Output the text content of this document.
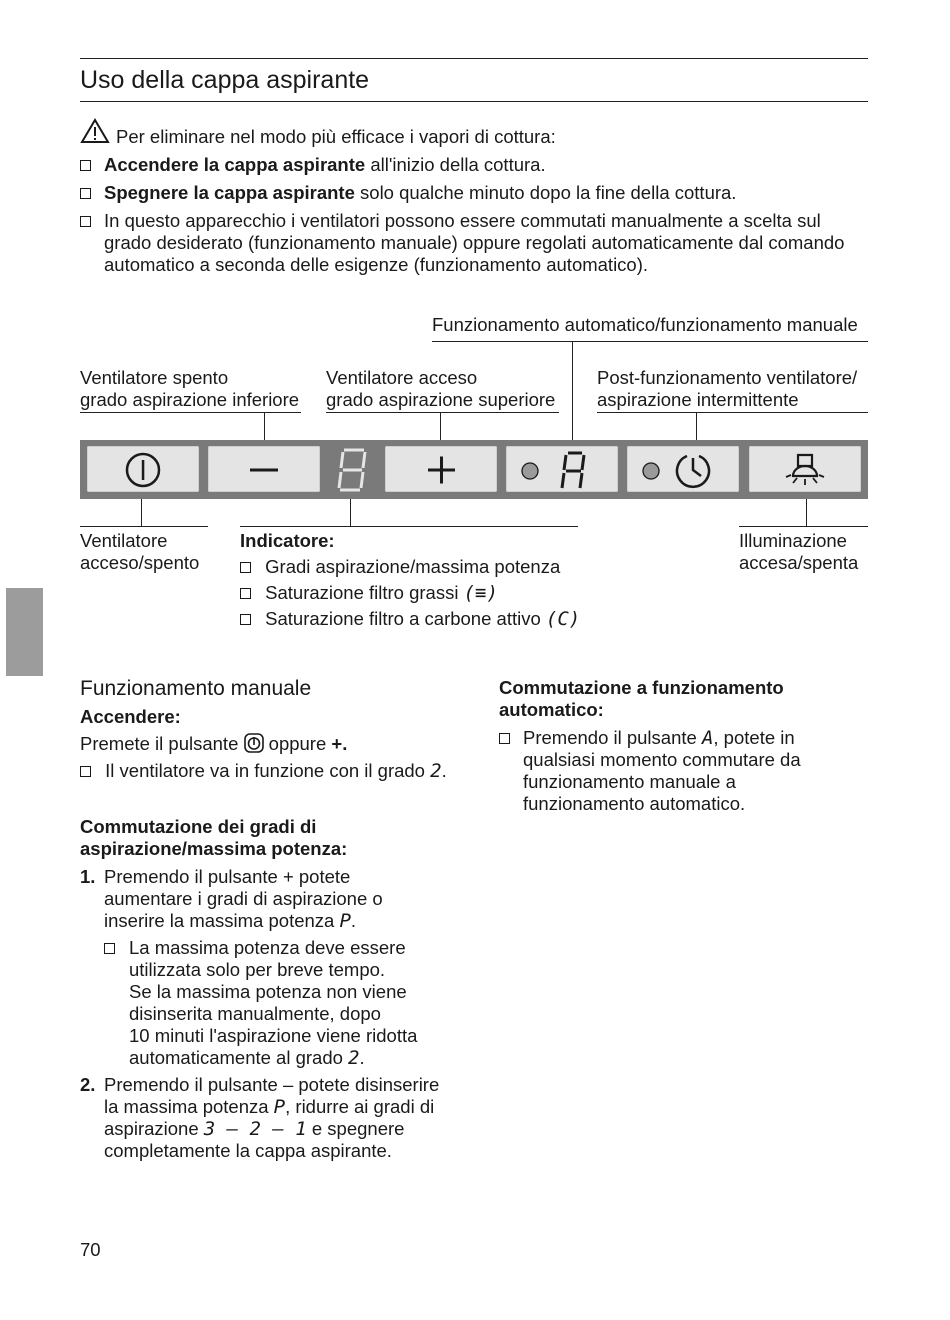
Uso della cappa aspirante
Per eliminare nel modo più efficace i vapori di cottura:
Accendere la cappa aspirante all'inizio della cottura.
Spegnere la cappa aspirante solo qualche minuto dopo la fine della cottura.
In questo apparecchio i ventilatori possono essere commutati manualmente a scelta sul
grado desiderato (funzionamento manuale) oppure regolati automaticamente dal comando
automatico a seconda delle esigenze (funzionamento automatico).
Funzionamento automatico/funzionamento manuale
Ventilatore spento
grado aspirazione inferiore
Ventilatore acceso
grado aspirazione superiore
Post-funzionamento ventilatore/
aspirazione intermittente
Ventilatore
acceso/spento
Indicatore:
Gradi aspirazione/massima potenza
Saturazione filtro grassi (≡)
Saturazione filtro a carbone attivo (C)
Illuminazione
accesa/spenta
Funzionamento manuale
Accendere:
Premete il pulsante  oppure +.
Il ventilatore va in funzione con il grado 2.
Commutazione dei gradi di
aspirazione/massima potenza:
1. Premendo il pulsante + potete
aumentare i gradi di aspirazione o
inserire la massima potenza P.
La massima potenza deve essere
utilizzata solo per breve tempo.
Se la massima potenza non viene
disinserita manualmente, dopo
10 minuti l'aspirazione viene ridotta
automaticamente al grado 2.
2. Premendo il pulsante – potete disinserire
la massima potenza P, ridurre ai gradi di
aspirazione 3 – 2 – 1 e spegnere
completamente la cappa aspirante.
Commutazione a funzionamento
automatico:
Premendo il pulsante A, potete in
qualsiasi momento commutare da
funzionamento manuale a
funzionamento automatico.
70
